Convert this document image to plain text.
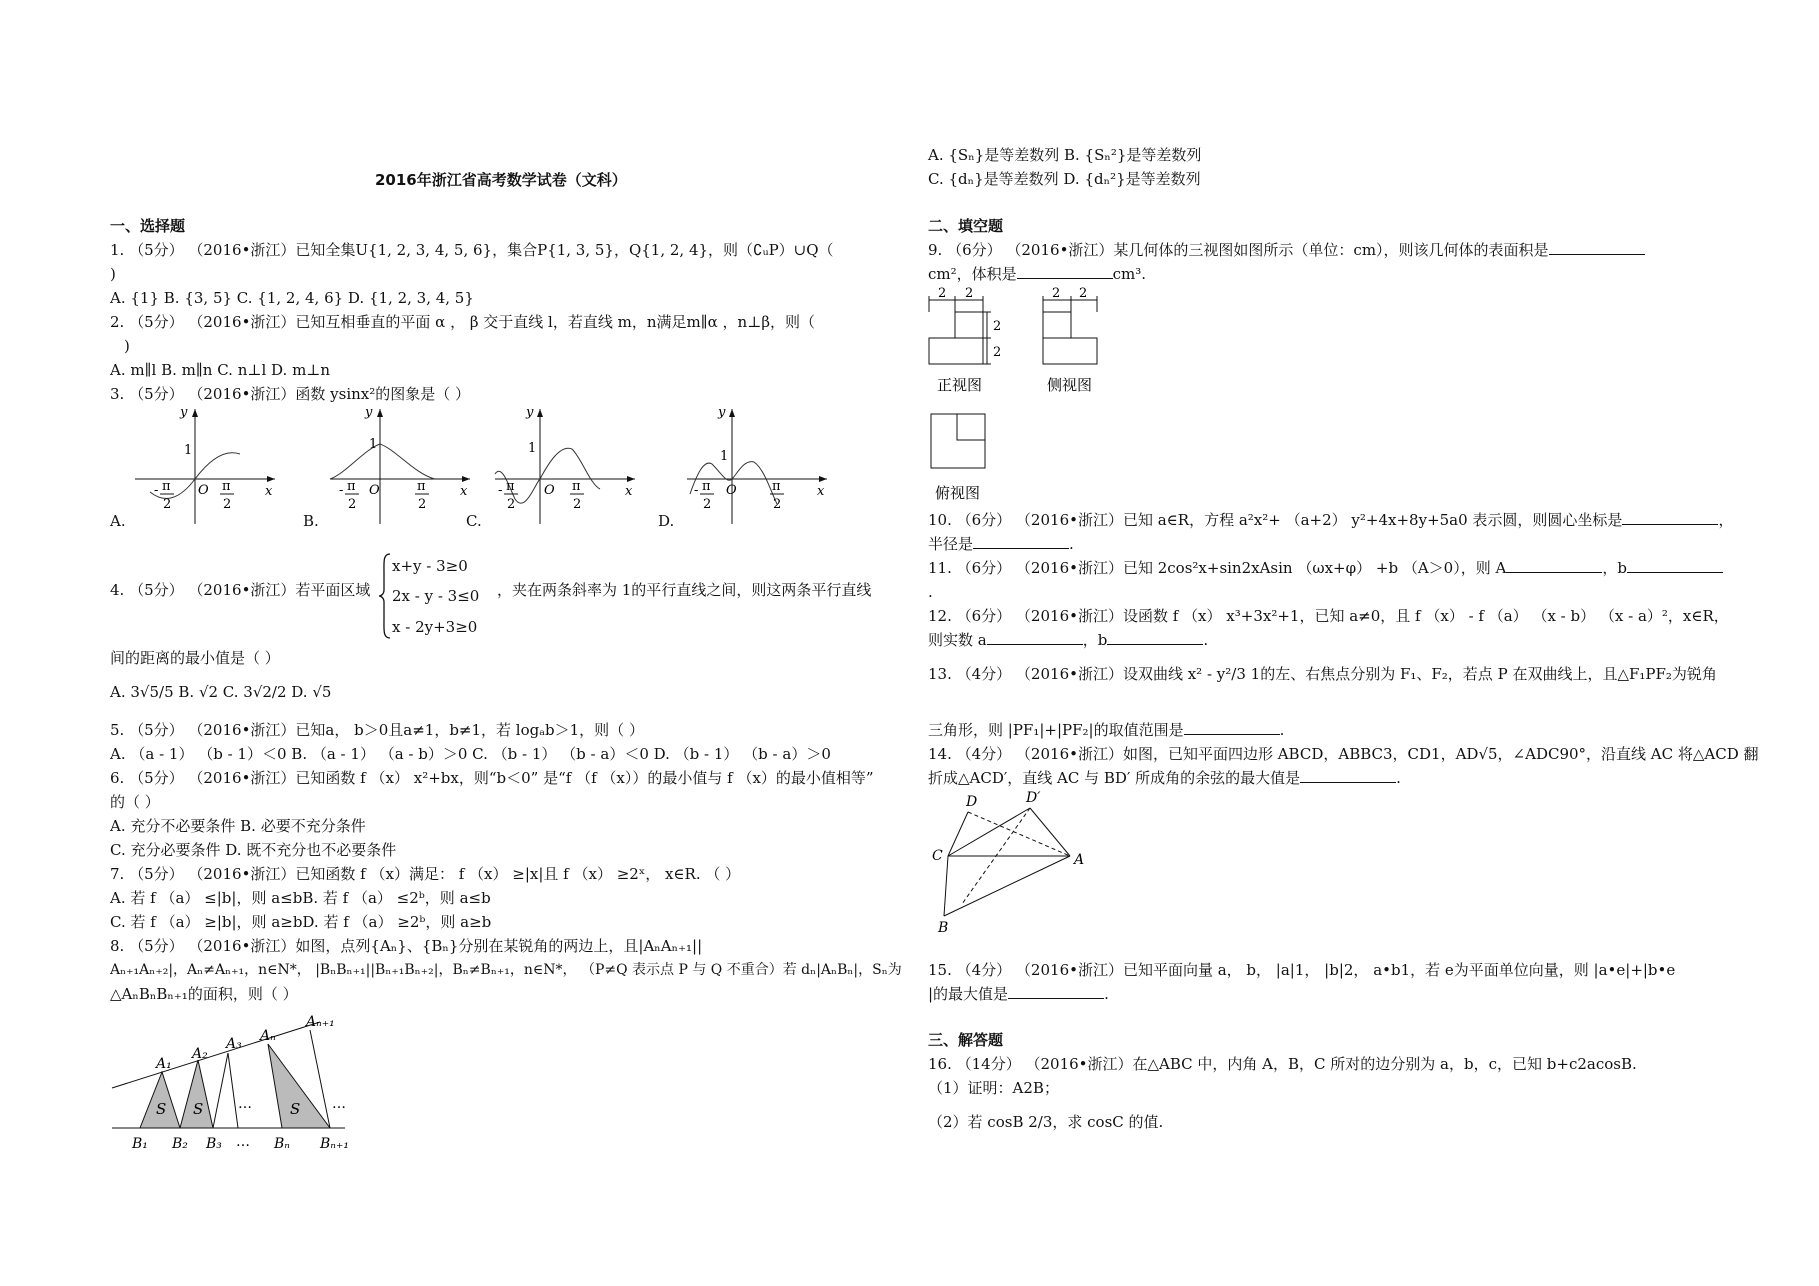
2016年浙江省高考数学试卷（文科）
一、选择题
1. （5分） （2016•浙江）已知全集U{1, 2, 3, 4, 5, 6}，集合P{1, 3, 5}，Q{1, 2, 4}，则（∁ᵤP）∪Q（
)
A. {1} B. {3, 5} C. {1, 2, 4, 6} D. {1, 2, 3, 4, 5}
2. （5分） （2016•浙江）已知互相垂直的平面 α ， β 交于直线 l，若直线 m，n满足m∥α ，n⊥β，则（
)
A. m∥l B. m∥n C. n⊥l D. m⊥n
3. （5分） （2016•浙江）函数 ysinx²的图象是（ ）
y
x
O
1
- π
2
π
2
A.
y
x
O
1
- π
2
π
2
B.
y
x
O
1
- π
2
π
2
C.
y
x
O
1
- π
2
π
2
D.
4. （5分） （2016•浙江）若平面区域
x+y - 3≥0
2x - y - 3≤0
x - 2y+3≥0
，夹在两条斜率为 1的平行直线之间，则这两条平行直线
间的距离的最小值是（ ）
A. 3√5/5 B. √2 C. 3√2/2 D. √5
5. （5分） （2016•浙江）已知a， b＞0且a≠1，b≠1，若 logₐb＞1，则（ ）
A. （a - 1） （b - 1）＜0 B. （a - 1） （a - b）＞0 C. （b - 1） （b - a）＜0 D. （b - 1） （b - a）＞0
6. （5分） （2016•浙江）已知函数 f （x） x²+bx，则“b＜0” 是“f （f （x））的最小值与 f （x）的最小值相等”
的（ ）
A. 充分不必要条件 B. 必要不充分条件
C. 充分必要条件 D. 既不充分也不必要条件
7. （5分） （2016•浙江）已知函数 f （x）满足： f （x） ≥|x|且 f （x） ≥2ˣ， x∈R. （ ）
A. 若 f （a） ≤|b|，则 a≤bB. 若 f （a） ≤2ᵇ，则 a≤b
C. 若 f （a） ≥|b|，则 a≥bD. 若 f （a） ≥2ᵇ，则 a≥b
8. （5分） （2016•浙江）如图，点列{Aₙ}、{Bₙ}分别在某锐角的两边上，且|AₙAₙ₊₁||
Aₙ₊₁Aₙ₊₂|，Aₙ≠Aₙ₊₁，n∈N*， |BₙBₙ₊₁||Bₙ₊₁Bₙ₊₂|，Bₙ≠Bₙ₊₁，n∈N*， （P≠Q 表示点 P 与 Q 不重合）若 dₙ|AₙBₙ|，Sₙ为
△AₙBₙBₙ₊₁的面积，则（ ）
A₁
A₂
A₃ Aₙ
Aₙ₊₁
S S …	S …
B₁ B₂ B₃ … Bₙ Bₙ₊₁
A. {Sₙ}是等差数列 B. {Sₙ²}是等差数列
C. {dₙ}是等差数列 D. {dₙ²}是等差数列
二、填空题
9. （6分） （2016•浙江）某几何体的三视图如图所示（单位：cm），则该几何体的表面积是
cm²，体积是	cm³.
2 2
2
2
正视图
2 2
侧视图
俯视图
10. （6分） （2016•浙江）已知 a∈R，方程 a²x²+ （a+2） y²+4x+8y+5a0 表示圆，则圆心坐标是	，
半径是	.
11. （6分） （2016•浙江）已知 2cos²x+sin2xAsin （ωx+φ） +b （A＞0），则 A	，b
.
12. （6分） （2016•浙江）设函数 f （x） x³+3x²+1，已知 a≠0，且 f （x） - f （a） （x - b） （x - a）²，x∈R，
则实数 a	，b	.
13. （4分） （2016•浙江）设双曲线 x² - y²/3 1的左、右焦点分别为 F₁、F₂，若点 P 在双曲线上，且△F₁PF₂为锐角
三角形，则 |PF₁|+|PF₂|的取值范围是	.
14. （4分） （2016•浙江）如图，已知平面四边形 ABCD，ABBC3，CD1，AD√5，∠ADC90°，沿直线 AC 将△ACD 翻
折成△ACD′，直线 AC 与 BD′ 所成角的余弦的最大值是	.
D	D′
C	A
B
15. （4分） （2016•浙江）已知平面向量 a， b， |a|1， |b|2， a•b1，若 e为平面单位向量，则 |a•e|+|b•e
|的最大值是	.
三、解答题
16. （14分） （2016•浙江）在△ABC 中，内角 A，B，C 所对的边分别为 a，b，c，已知 b+c2acosB.
（1）证明：A2B；
（2）若 cosB 2/3，求 cosC 的值.
